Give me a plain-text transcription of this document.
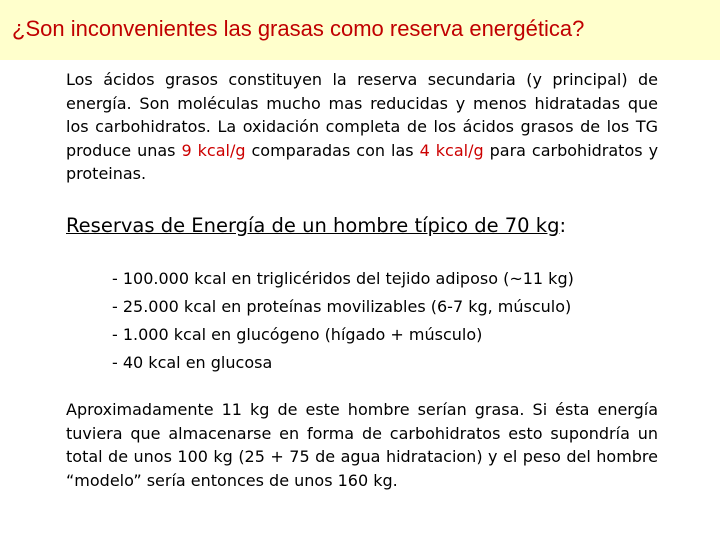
¿Son inconvenientes las grasas como reserva energética?
Los ácidos grasos constituyen la reserva secundaria (y principal) de energía. Son moléculas mucho mas reducidas y menos hidratadas que los carbohidratos. La oxidación completa de los ácidos grasos de los TG produce unas 9 kcal/g comparadas con las 4 kcal/g para carbohidratos y proteinas.
Reservas de Energía de un hombre típico de 70 kg:
- 100.000 kcal en triglicéridos del tejido adiposo (~11 kg)
- 25.000 kcal en proteínas movilizables (6-7 kg, músculo)
- 1.000 kcal en glucógeno (hígado + músculo)
- 40 kcal en glucosa
Aproximadamente 11 kg de este hombre serían grasa. Si ésta energía tuviera que almacenarse en forma de carbohidratos esto supondría un total de unos 100 kg (25 + 75 de agua hidratacion) y el peso del hombre “modelo” sería entonces de unos 160 kg.
